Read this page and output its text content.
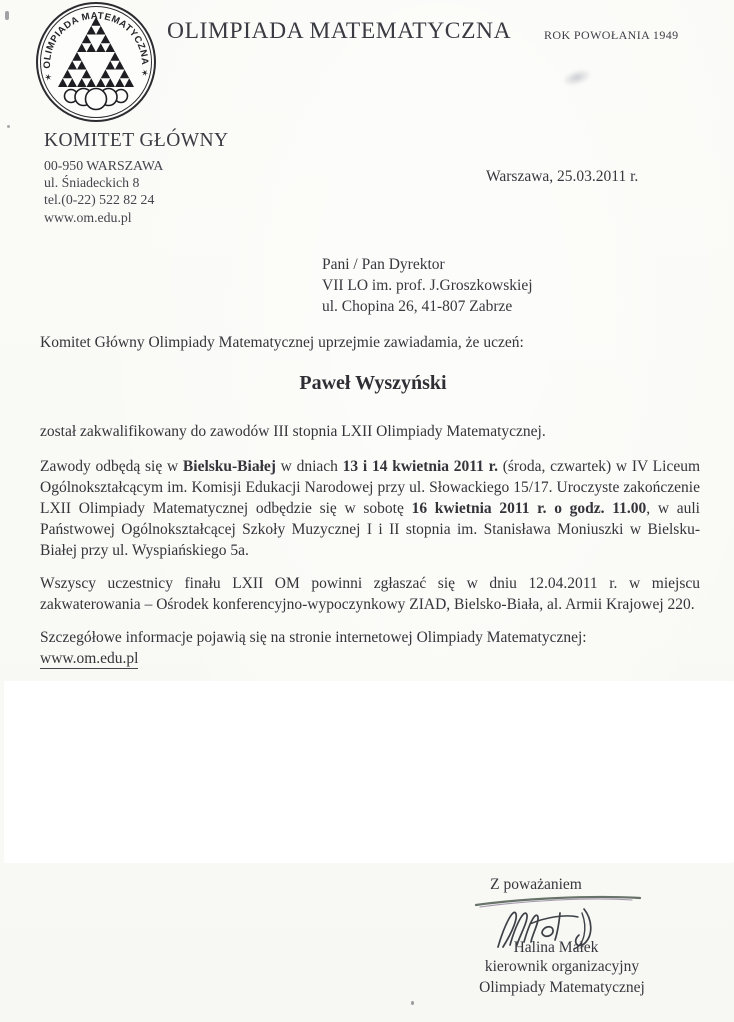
✶ OLIMPIADA MATEMATYCZNA ✶
OLIMPIADA MATEMATYCZNA	ROK POWOŁANIA 1949
KOMITET GŁÓWNY
00-950 WARSZAWA
ul. Śniadeckich 8
tel.(0-22) 522 82 24
www.om.edu.pl
Warszawa, 25.03.2011 r.
Pani / Pan Dyrektor
VII LO im. prof. J.Groszkowskiej
ul. Chopina 26, 41-807 Zabrze
Komitet Główny Olimpiady Matematycznej uprzejmie zawiadamia, że uczeń:
Paweł Wyszyński
został zakwalifikowany do zawodów III stopnia LXII Olimpiady Matematycznej.

Zawody odbędą się w Bielsku-Białej w dniach 13 i 14 kwietnia 2011 r. (środa, czwartek) w IV Liceum Ogólnokształcącym im. Komisji Edukacji Narodowej przy ul. Słowackiego 15/17. Uroczyste zakończenie LXII Olimpiady Matematycznej odbędzie się w sobotę 16 kwietnia 2011 r. o godz. 11.00, w auli Państwowej Ogólnokształcącej Szkoły Muzycznej I i II stopnia im. Stanisława Moniuszki w Bielsku-Białej przy ul. Wyspiańskiego 5a.

Wszyscy uczestnicy finału LXII OM powinni zgłaszać się w dniu 12.04.2011 r. w miejscu zakwaterowania – Ośrodek konferencyjno-wypoczynkowy ZIAD, Bielsko-Biała, al. Armii Krajowej 220.

Szczegółowe informacje pojawią się na stronie internetowej Olimpiady Matematycznej:

www.om.edu.pl
Z poważaniem
Halina Małek
kierownik organizacyjny
Olimpiady Matematycznej
